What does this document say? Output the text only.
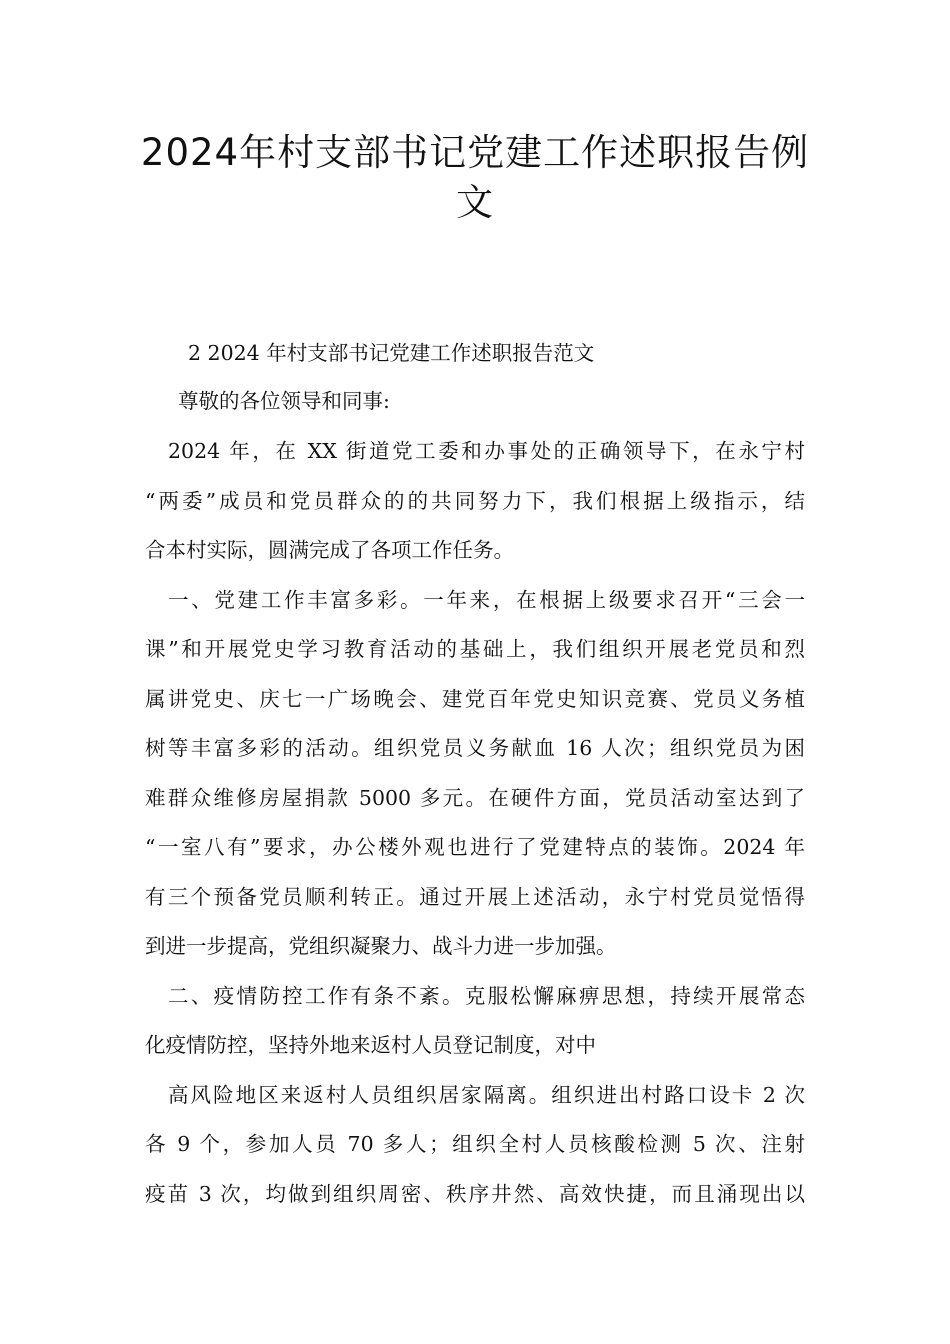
2024年村支部书记党建工作述职报告例
文

2 2024 年村支部书记党建工作述职报告范文

尊敬的各位领导和同事:

2024 年，在 XX 街道党工委和办事处的正确领导下，在永宁村

“两委”成员和党员群众的的共同努力下，我们根据上级指示，结

合本村实际，圆满完成了各项工作任务。

一、党建工作丰富多彩。一年来，在根据上级要求召开“三会一

课”和开展党史学习教育活动的基础上，我们组织开展老党员和烈

属讲党史、庆七一广场晚会、建党百年党史知识竞赛、党员义务植

树等丰富多彩的活动。组织党员义务献血 16 人次；组织党员为困

难群众维修房屋捐款 5000 多元。在硬件方面，党员活动室达到了

“一室八有”要求，办公楼外观也进行了党建特点的装饰。2024 年

有三个预备党员顺利转正。通过开展上述活动，永宁村党员觉悟得

到进一步提高，党组织凝聚力、战斗力进一步加强。

二、疫情防控工作有条不紊。克服松懈麻痹思想，持续开展常态

化疫情防控，坚持外地来返村人员登记制度，对中

高风险地区来返村人员组织居家隔离。组织进出村路口设卡 2 次

各 9 个，参加人员 70 多人；组织全村人员核酸检测 5 次、注射

疫苗 3 次，均做到组织周密、秩序井然、高效快捷，而且涌现出以
